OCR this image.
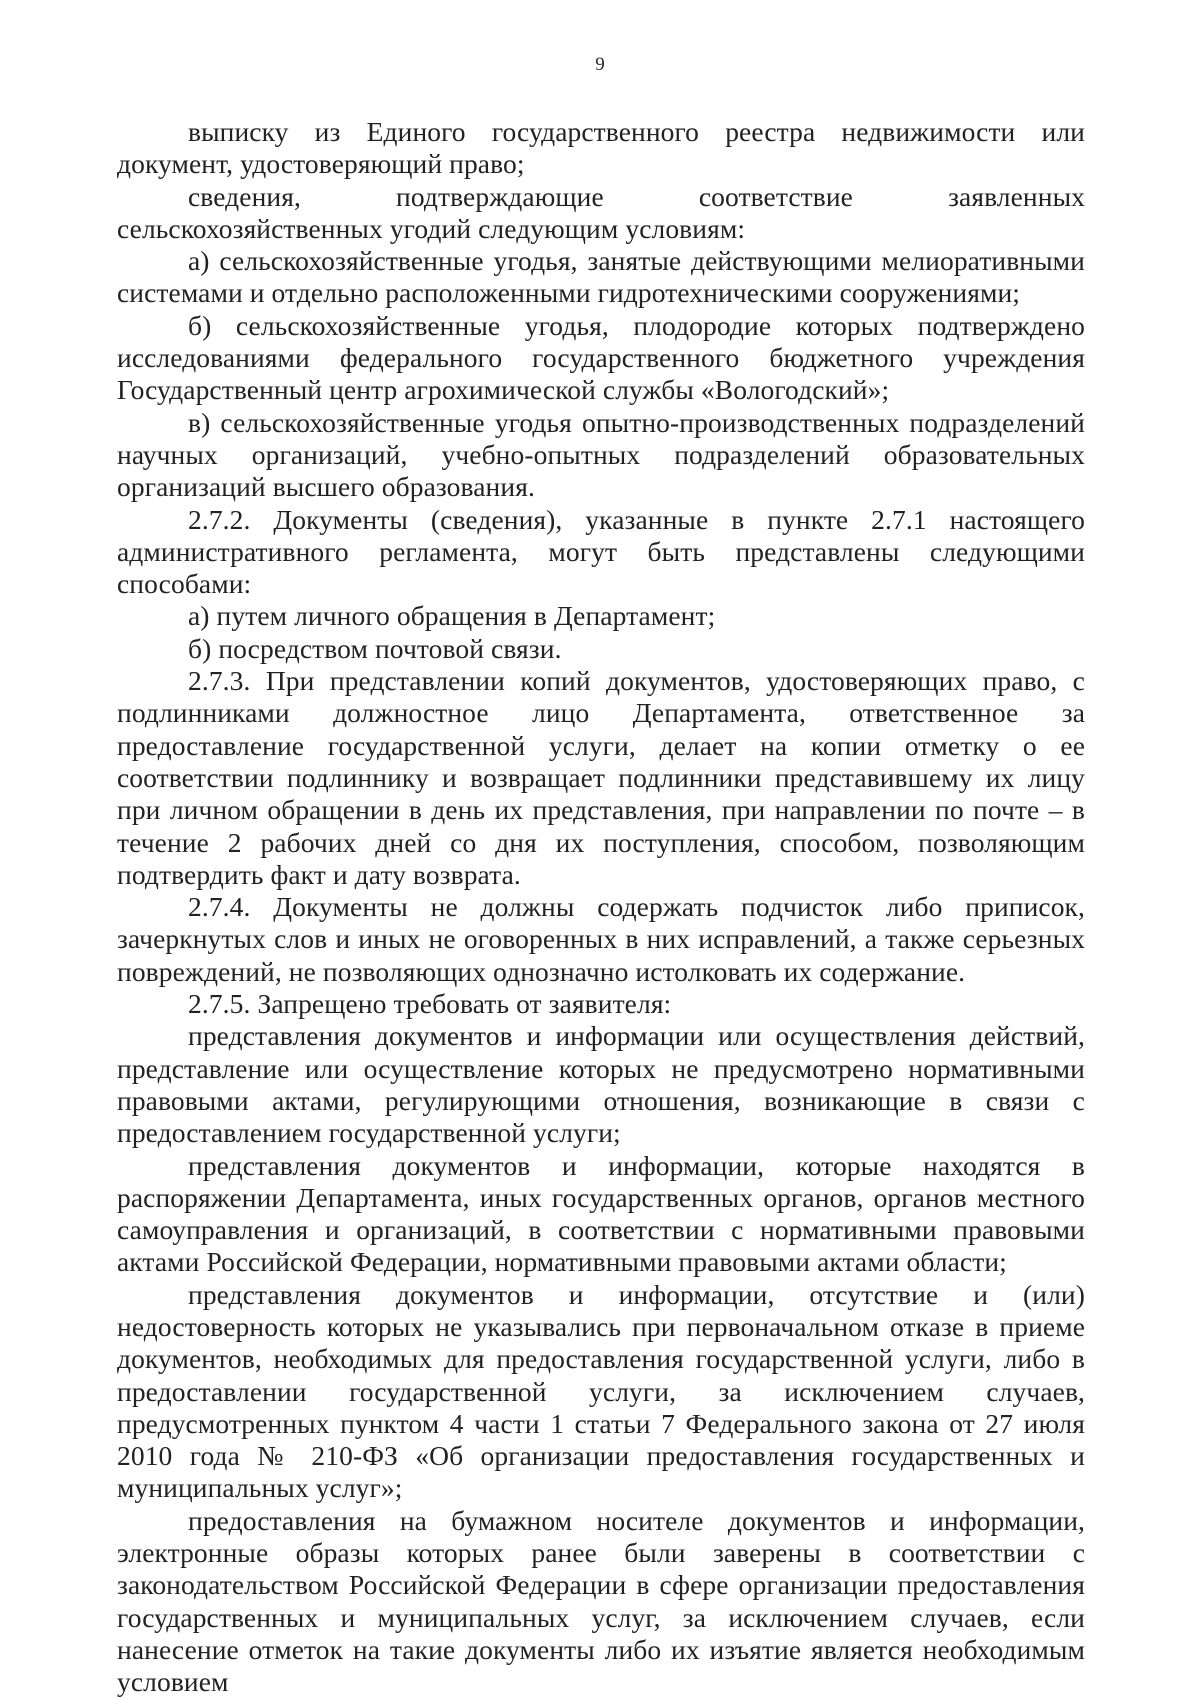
9

выписку из Единого государственного реестра недвижимости или документ, удостоверяющий право;

сведения, подтверждающие соответствие заявленных сельскохозяйственных угодий следующим условиям:

а) сельскохозяйственные угодья, занятые действующими мелиоративными системами и отдельно расположенными гидротехническими сооружениями;

б) сельскохозяйственные угодья, плодородие которых подтверждено исследованиями федерального государственного бюджетного учреждения Государственный центр агрохимической службы «Вологодский»;

в) сельскохозяйственные угодья опытно-производственных подразделений научных организаций, учебно-опытных подразделений образовательных организаций высшего образования.

2.7.2. Документы (сведения), указанные в пункте 2.7.1 настоящего административного регламента, могут быть представлены следующими способами:

а) путем личного обращения в Департамент;

б) посредством почтовой связи.

2.7.3. При представлении копий документов, удостоверяющих право, с подлинниками должностное лицо Департамента, ответственное за предоставление государственной услуги, делает на копии отметку о ее соответствии подлиннику и возвращает подлинники представившему их лицу при личном обращении в день их представления, при направлении по почте – в течение 2 рабочих дней со дня их поступления, способом, позволяющим подтвердить факт и дату возврата.

2.7.4. Документы не должны содержать подчисток либо приписок, зачеркнутых слов и иных не оговоренных в них исправлений, а также серьезных повреждений, не позволяющих однозначно истолковать их содержание.

2.7.5. Запрещено требовать от заявителя:

представления документов и информации или осуществления действий, представление или осуществление которых не предусмотрено нормативными правовыми актами, регулирующими отношения, возникающие в связи с предоставлением государственной услуги;

представления документов и информации, которые находятся в распоряжении Департамента, иных государственных органов, органов местного самоуправления и организаций, в соответствии с нормативными правовыми актами Российской Федерации, нормативными правовыми актами области;

представления документов и информации, отсутствие и (или) недостоверность которых не указывались при первоначальном отказе в приеме документов, необходимых для предоставления государственной услуги, либо в предоставлении государственной услуги, за исключением случаев, предусмотренных пунктом 4 части 1 статьи 7 Федерального закона от 27 июля 2010 года № 210-ФЗ «Об организации предоставления государственных и муниципальных услуг»;

предоставления на бумажном носителе документов и информации, электронные образы которых ранее были заверены в соответствии с законодательством Российской Федерации в сфере организации предоставления государственных и муниципальных услуг, за исключением случаев, если нанесение отметок на такие документы либо их изъятие является необходимым условием
